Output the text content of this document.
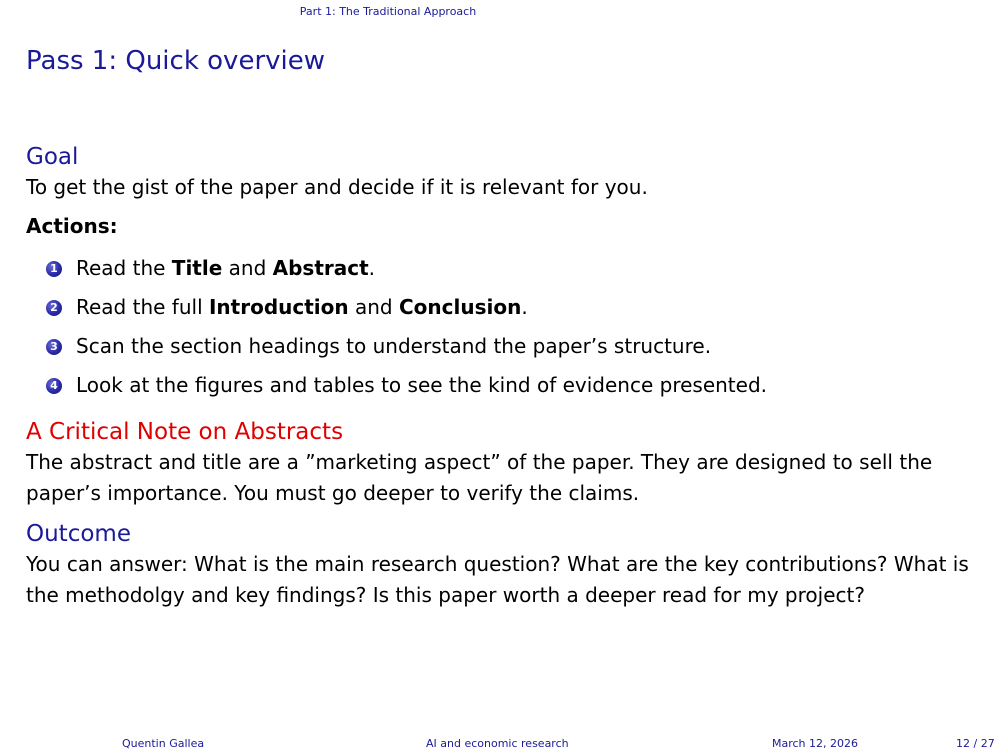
Part 1: The Traditional Approach
Pass 1: Quick overview
Goal
To get the gist of the paper and decide if it is relevant for you.
Actions:
1 Read the Title and Abstract.
2 Read the full Introduction and Conclusion.
3 Scan the section headings to understand the paper’s structure.
4 Look at the figures and tables to see the kind of evidence presented.
A Critical Note on Abstracts
The abstract and title are a ”marketing aspect” of the paper. They are designed to sell the paper’s importance. You must go deeper to verify the claims.
Outcome
You can answer: What is the main research question? What are the key contributions? What is the methodolgy and key findings? Is this paper worth a deeper read for my project?
Quentin Gallea	AI and economic research	March 12, 2026	12 / 27
